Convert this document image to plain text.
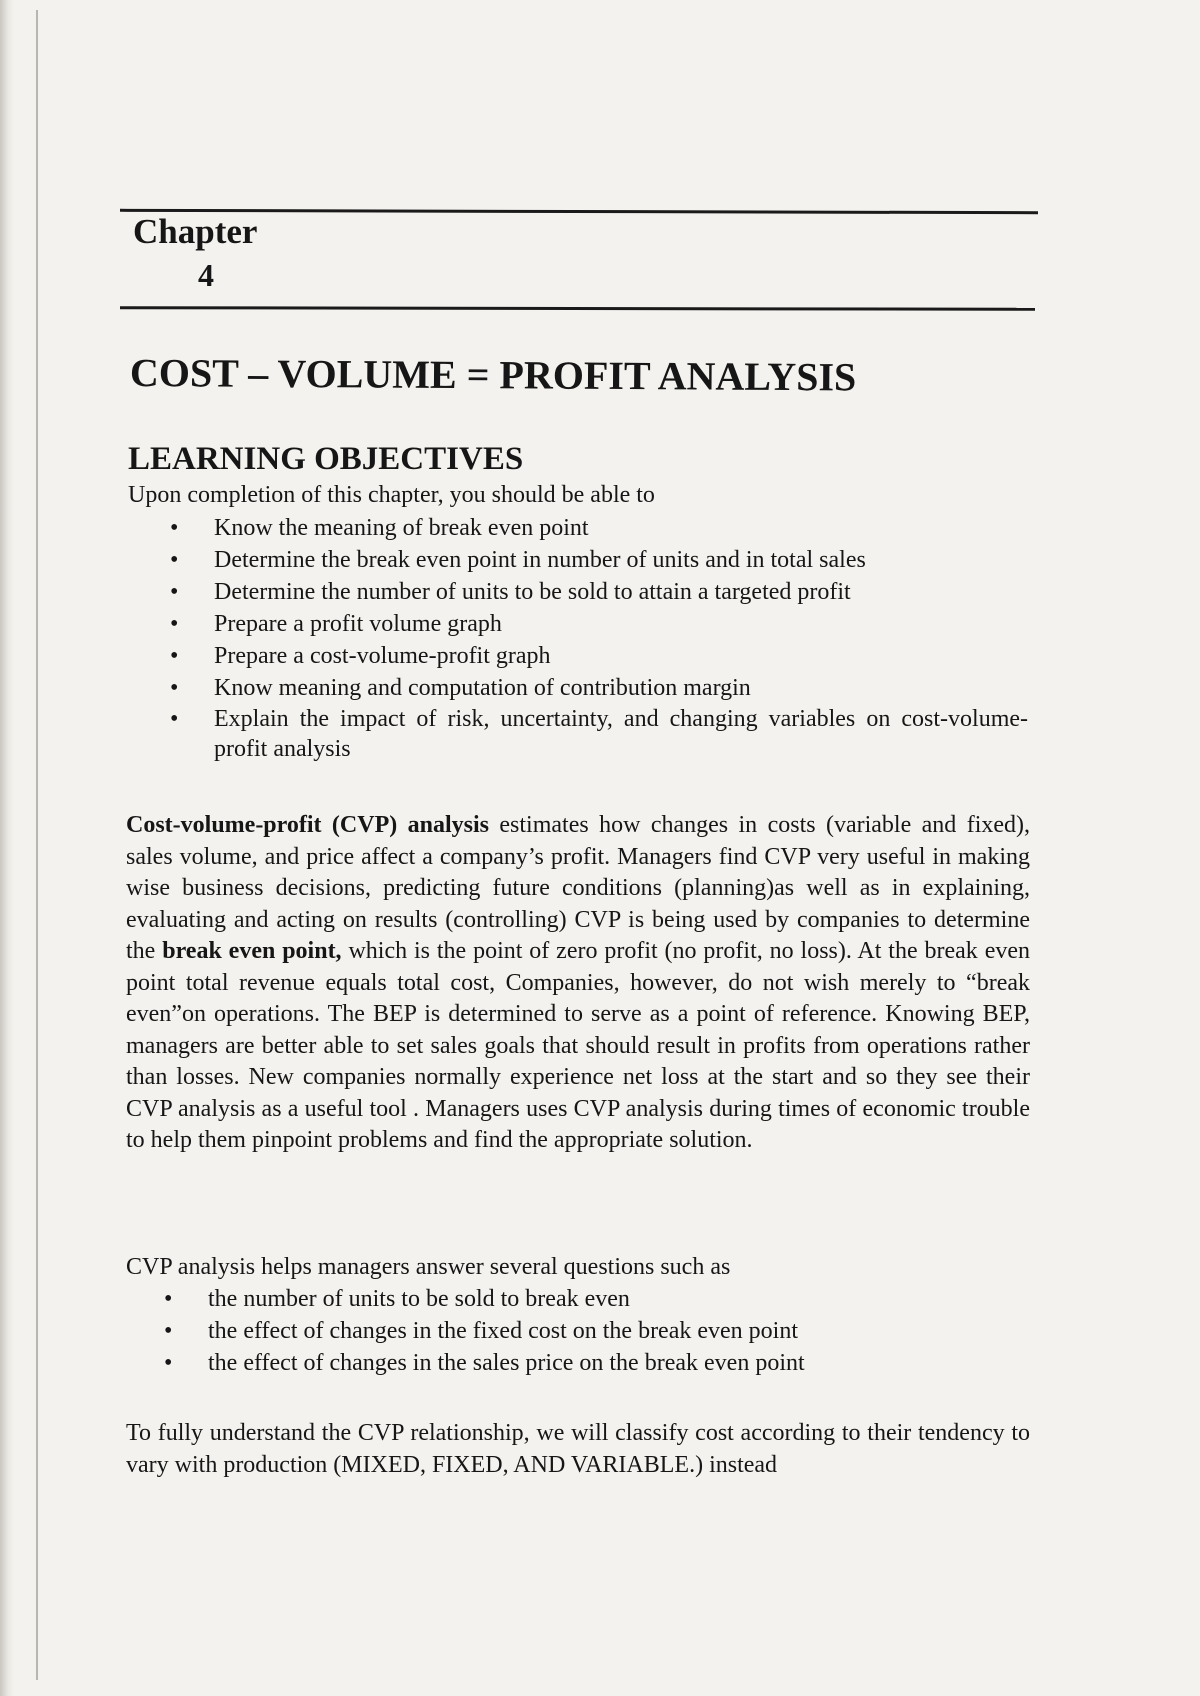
Chapter
4
COST – VOLUME = PROFIT ANALYSIS
LEARNING OBJECTIVES
Upon completion of this chapter, you should be able to
• Know the meaning of break even point
• Determine the break even point in number of units and in total sales
• Determine the number of units to be sold to attain a targeted profit
• Prepare a profit volume graph
• Prepare a cost-volume-profit graph
• Know meaning and computation of contribution margin
• Explain the impact of risk, uncertainty, and changing variables on cost-volume-profit analysis
Cost-volume-profit (CVP) analysis estimates how changes in costs (variable and fixed), sales volume, and price affect a company’s profit. Managers find CVP very useful in making wise business decisions, predicting future conditions (planning)as well as in explaining, evaluating and acting on results (controlling) CVP is being used by companies to determine the break even point, which is the point of zero profit (no profit, no loss). At the break even point total revenue equals total cost, Companies, however, do not wish merely to “break even”on operations. The BEP is determined to serve as a point of reference. Knowing BEP, managers are better able to set sales goals that should result in profits from operations rather than losses. New companies normally experience net loss at the start and so they see their CVP analysis as a useful tool . Managers uses CVP analysis during times of economic trouble to help them pinpoint problems and find the appropriate solution.
CVP analysis helps managers answer several questions such as
• the number of units to be sold to break even
• the effect of changes in the fixed cost on the break even point
• the effect of changes in the sales price on the break even point
To fully understand the CVP relationship, we will classify cost according to their tendency to vary with production (MIXED, FIXED, AND VARIABLE.) instead
